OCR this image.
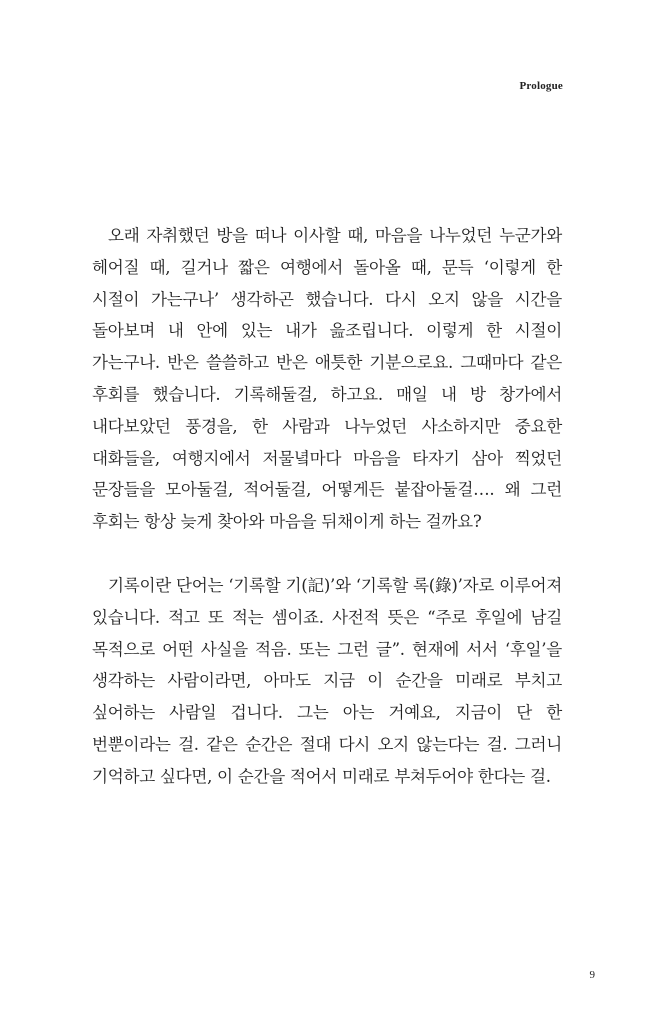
Prologue

오래 자취했던 방을 떠나 이사할 때, 마음을 나누었던 누군가와 헤어질 때, 길거나 짧은 여행에서 돌아올 때, 문득 ‘이렇게 한 시절이 가는구나’ 생각하곤 했습니다. 다시 오지 않을 시간을 돌아보며 내 안에 있는 내가 읊조립니다. 이렇게 한 시절이 가는구나. 반은 쓸쓸하고 반은 애틋한 기분으로요. 그때마다 같은 후회를 했습니다. 기록해둘걸, 하고요. 매일 내 방 창가에서 내다보았던 풍경을, 한 사람과 나누었던 사소하지만 중요한 대화들을, 여행지에서 저물녘마다 마음을 타자기 삼아 찍었던 문장들을 모아둘걸, 적어둘걸, 어떻게든 붙잡아둘걸…. 왜 그런 후회는 항상 늦게 찾아와 마음을 뒤채이게 하는 걸까요?

기록이란 단어는 ‘기록할 기(記)’와 ‘기록할 록(錄)’자로 이루어져 있습니다. 적고 또 적는 셈이죠. 사전적 뜻은 “주로 후일에 남길 목적으로 어떤 사실을 적음. 또는 그런 글”. 현재에 서서 ‘후일’을 생각하는 사람이라면, 아마도 지금 이 순간을 미래로 부치고 싶어하는 사람일 겁니다. 그는 아는 거예요, 지금이 단 한 번뿐이라는 걸. 같은 순간은 절대 다시 오지 않는다는 걸. 그러니 기억하고 싶다면, 이 순간을 적어서 미래로 부쳐두어야 한다는 걸.

9
